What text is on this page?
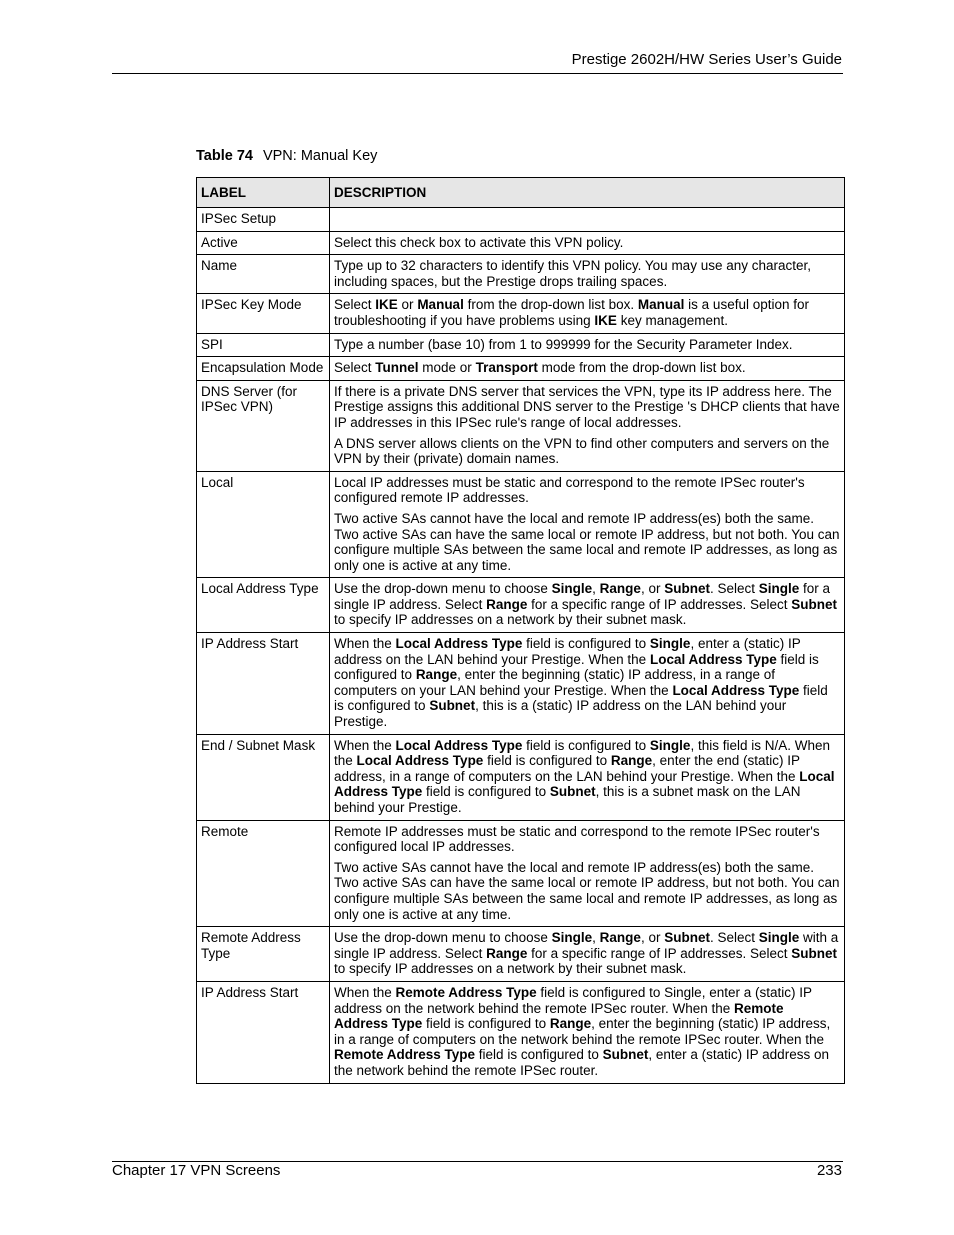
Prestige 2602H/HW Series User’s Guide
Table 74 VPN: Manual Key
LABEL	DESCRIPTION
IPSec Setup	
Active	Select this check box to activate this VPN policy.

Name	Type up to 32 characters to identify this VPN policy. You may use any character, including spaces, but the Prestige drops trailing spaces.

IPSec Key Mode	Select IKE or Manual from the drop-down list box. Manual is a useful option for troubleshooting if you have problems using IKE key management.

SPI	Type a number (base 10) from 1 to 999999 for the Security Parameter Index.

Encapsulation Mode	Select Tunnel mode or Transport mode from the drop-down list box.

DNS Server (for IPSec VPN)	If there is a private DNS server that services the VPN, type its IP address here. The Prestige assigns this additional DNS server to the Prestige 's DHCP clients that have IP addresses in this IPSec rule's range of local addresses.

A DNS server allows clients on the VPN to find other computers and servers on the VPN by their (private) domain names.

Local	Local IP addresses must be static and correspond to the remote IPSec router's configured remote IP addresses.

Two active SAs cannot have the local and remote IP address(es) both the same. Two active SAs can have the same local or remote IP address, but not both. You can configure multiple SAs between the same local and remote IP addresses, as long as only one is active at any time.

Local Address Type	Use the drop-down menu to choose Single, Range, or Subnet. Select Single for a single IP address. Select Range for a specific range of IP addresses. Select Subnet to specify IP addresses on a network by their subnet mask.

IP Address Start	When the Local Address Type field is configured to Single, enter a (static) IP address on the LAN behind your Prestige. When the Local Address Type field is configured to Range, enter the beginning (static) IP address, in a range of computers on your LAN behind your Prestige. When the Local Address Type field is configured to Subnet, this is a (static) IP address on the LAN behind your Prestige.

End / Subnet Mask	When the Local Address Type field is configured to Single, this field is N/A. When the Local Address Type field is configured to Range, enter the end (static) IP address, in a range of computers on the LAN behind your Prestige. When the Local Address Type field is configured to Subnet, this is a subnet mask on the LAN behind your Prestige.

Remote	Remote IP addresses must be static and correspond to the remote IPSec router's configured local IP addresses.

Two active SAs cannot have the local and remote IP address(es) both the same. Two active SAs can have the same local or remote IP address, but not both. You can configure multiple SAs between the same local and remote IP addresses, as long as only one is active at any time.

Remote Address Type	Use the drop-down menu to choose Single, Range, or Subnet. Select Single with a single IP address. Select Range for a specific range of IP addresses. Select Subnet to specify IP addresses on a network by their subnet mask.

IP Address Start	When the Remote Address Type field is configured to Single, enter a (static) IP address on the network behind the remote IPSec router. When the Remote Address Type field is configured to Range, enter the beginning (static) IP address, in a range of computers on the network behind the remote IPSec router. When the Remote Address Type field is configured to Subnet, enter a (static) IP address on the network behind the remote IPSec router.

Chapter 17 VPN Screens	233
